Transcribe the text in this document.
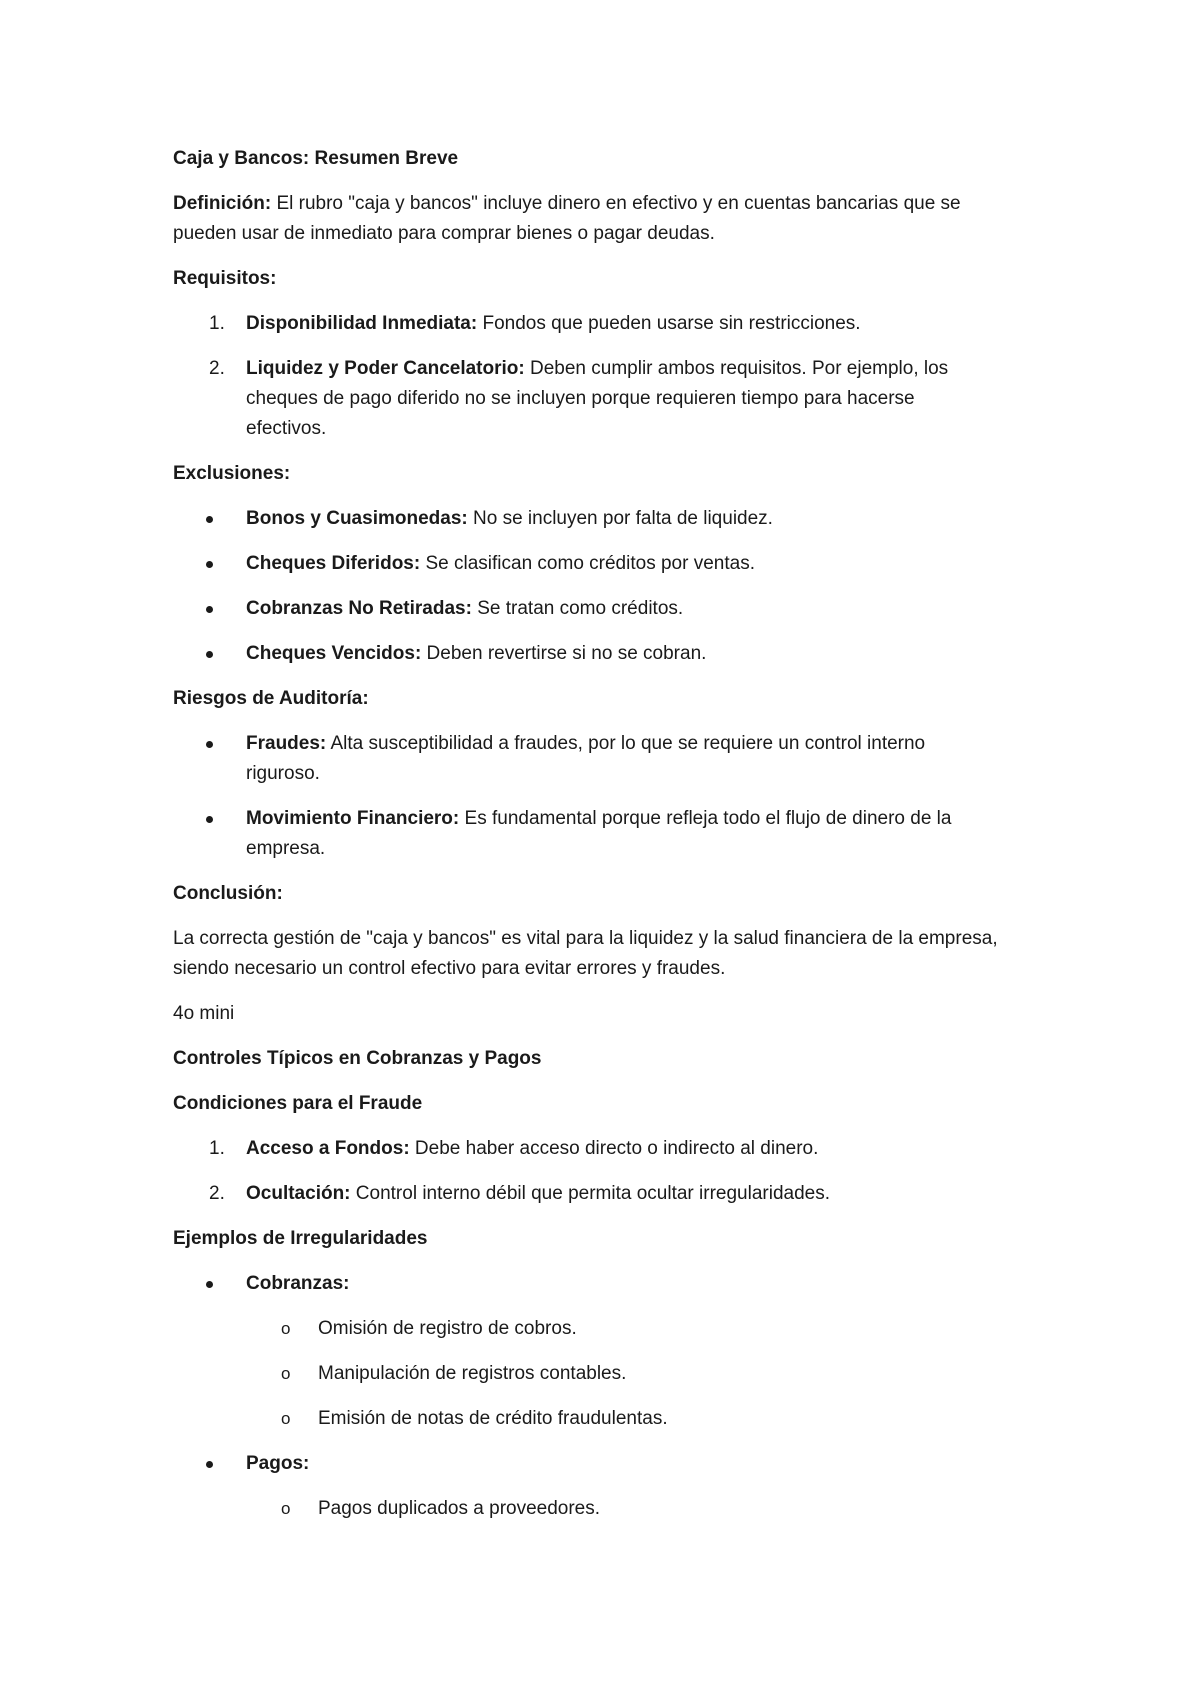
Caja y Bancos: Resumen Breve

Definición: El rubro "caja y bancos" incluye dinero en efectivo y en cuentas bancarias que se pueden usar de inmediato para comprar bienes o pagar deudas.

Requisitos:

1.	Disponibilidad Inmediata: Fondos que pueden usarse sin restricciones.
2.	Liquidez y Poder Cancelatorio: Deben cumplir ambos requisitos. Por ejemplo, los cheques de pago diferido no se incluyen porque requieren tiempo para hacerse efectivos.

Exclusiones:

Bonos y Cuasimonedas: No se incluyen por falta de liquidez.
Cheques Diferidos: Se clasifican como créditos por ventas.
Cobranzas No Retiradas: Se tratan como créditos.
Cheques Vencidos: Deben revertirse si no se cobran.

Riesgos de Auditoría:

Fraudes: Alta susceptibilidad a fraudes, por lo que se requiere un control interno riguroso.
Movimiento Financiero: Es fundamental porque refleja todo el flujo de dinero de la empresa.

Conclusión:

La correcta gestión de "caja y bancos" es vital para la liquidez y la salud financiera de la empresa, siendo necesario un control efectivo para evitar errores y fraudes.

4o mini

Controles Típicos en Cobranzas y Pagos

Condiciones para el Fraude

1.	Acceso a Fondos: Debe haber acceso directo o indirecto al dinero.
2.	Ocultación: Control interno débil que permita ocultar irregularidades.

Ejemplos de Irregularidades

Cobranzas:
o Omisión de registro de cobros.
o Manipulación de registros contables.
o Emisión de notas de crédito fraudulentas.
Pagos:
o Pagos duplicados a proveedores.
